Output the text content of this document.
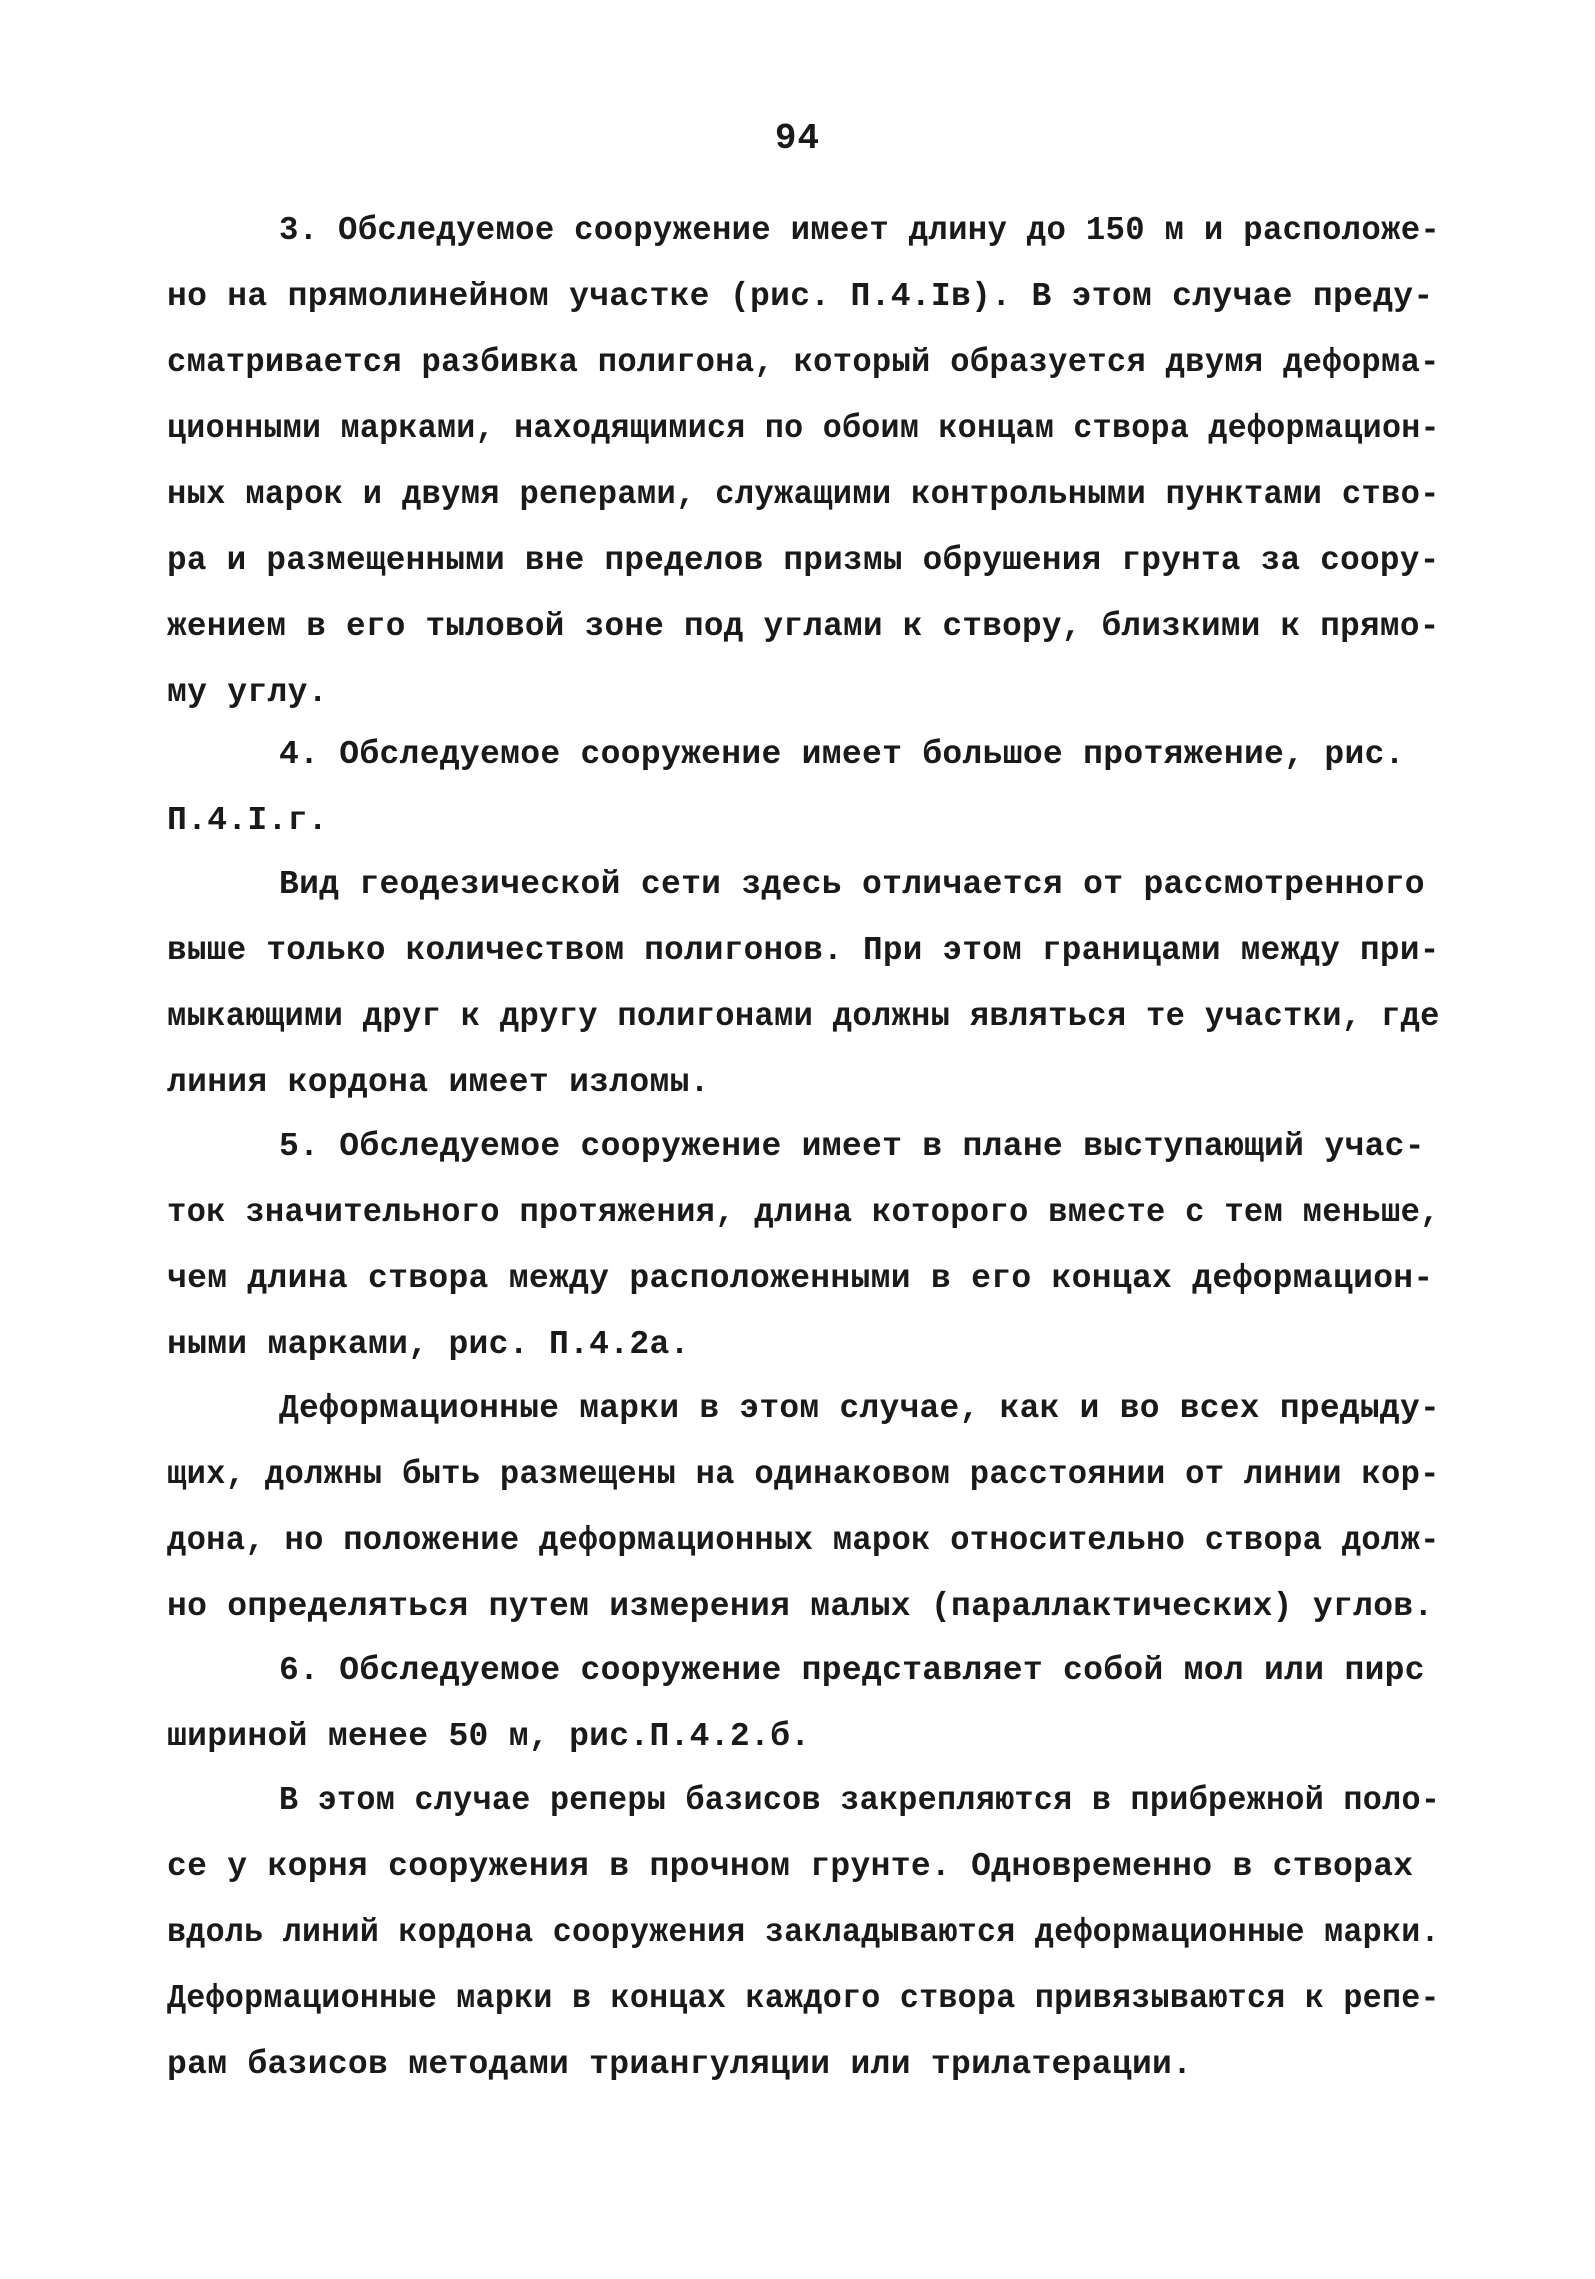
94
3. Обследуемое сооружение имеет длину до 150 м и расположе-
но на прямолинейном участке (рис. П.4.Iв). В этом случае преду-
сматривается разбивка полигона, который образуется двумя деформа-
ционными марками, находящимися по обоим концам створа деформацион-
ных марок и двумя реперами, служащими контрольными пунктами ство-
ра и размещенными вне пределов призмы обрушения грунта за соору-
жением в его тыловой зоне под углами к створу, близкими к прямо-
му углу.
4. Обследуемое сооружение имеет большое протяжение, рис.
П.4.I.г.
Вид геодезической сети здесь отличается от рассмотренного
выше только количеством полигонов. При этом границами между при-
мыкающими друг к другу полигонами должны являться те участки, где
линия кордона имеет изломы.
5. Обследуемое сооружение имеет в плане выступающий учас-
ток значительного протяжения, длина которого вместе с тем меньше,
чем длина створа между расположенными в его концах деформацион-
ными марками, рис. П.4.2а.
Деформационные марки в этом случае, как и во всех предыду-
щих, должны быть размещены на одинаковом расстоянии от линии кор-
дона, но положение деформационных марок относительно створа долж-
но определяться путем измерения малых (параллактических) углов.
6. Обследуемое сооружение представляет собой мол или пирс
шириной менее 50 м, рис.П.4.2.б.
В этом случае реперы базисов закрепляются в прибрежной поло-
се у корня сооружения в прочном грунте. Одновременно в створах
вдоль линий кордона сооружения закладываются деформационные марки.
Деформационные марки в концах каждого створа привязываются к репе-
рам базисов методами триангуляции или трилатерации.
